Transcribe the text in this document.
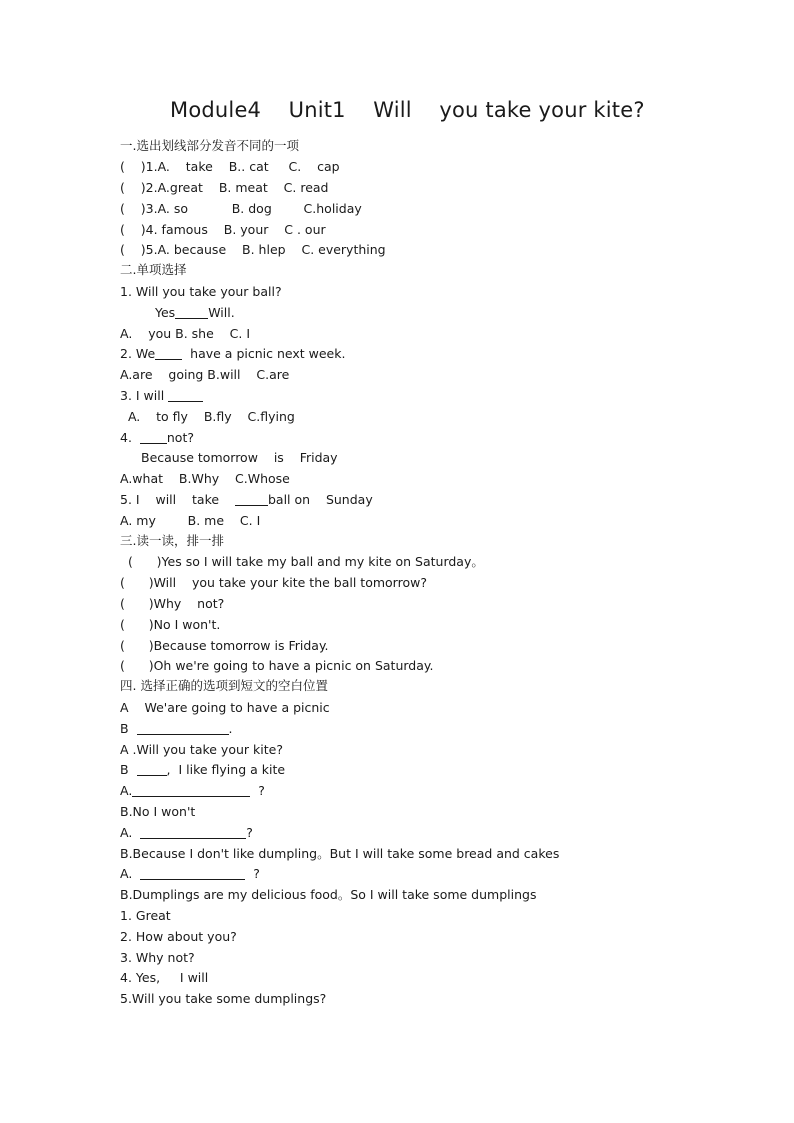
Module4    Unit1    Will    you take your kite?
一.选出划线部分发音不同的一项
(    )1.A.    take    B.. cat     C.    cap
(    )2.A.great    B. meat    C. read
(    )3.A. so           B. dog        C.holiday
(    )4. famous    B. your    C . our
(    )5.A. because    B. hlep    C. everything
二.单项选择
1. Will you take your ball?
Yes	Will.
A.    you B. she    C. I
2. We  have a picnic next week.
A.are    going B.will    C.are
3. I will
A.    to fly    B.fly    C.flying
4.  not?
Because tomorrow    is    Friday
A.what    B.Why    C.Whose
5. I    will    take	ball on    Sunday
A. my        B. me    C. I
三.读一读，排一排
(      )Yes so I will take my ball and my kite on Saturday。
(      )Will    you take your kite the ball tomorrow?
(      )Why    not?
(      )No I won't.
(      )Because tomorrow is Friday.
(      )Oh we're going to have a picnic on Saturday.
四. 选择正确的选项到短文的空白位置
A    We'are going to have a picnic
B	.
A .Will you take your kite?
B  ,  I like flying a kite
A.	?
B.No I won't
A.	?
B.Because I don't like dumpling。But I will take some bread and cakes
A.	?
B.Dumplings are my delicious food。So I will take some dumplings
1. Great
2. How about you?
3. Why not?
4. Yes,     I will
5.Will you take some dumplings?
